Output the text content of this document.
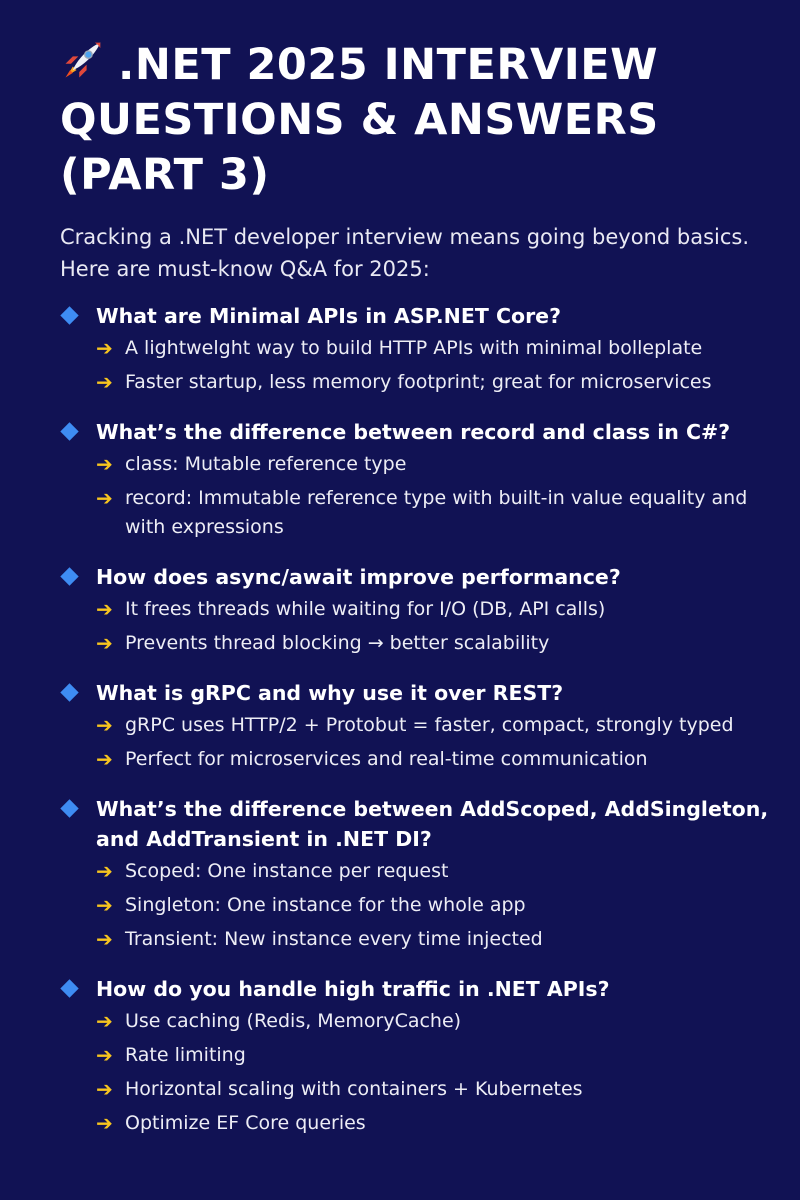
.NET 2025 INTERVIEW QUESTIONS & ANSWERS (PART 3)
Cracking a .NET developer interview means going beyond basics. Here are must-know Q&A for 2025:
What are Minimal APIs in ASP.NET Core?
➔ A lightwelght way to build HTTP APIs with minimal bolleplate
➔ Faster startup, less memory footprint; great for microservices
What’s the difference between record and class in C#?
➔ class: Mutable reference type
➔ record: Immutable reference type with built-in value equality and with expressions
How does async/await improve performance?
➔ It frees threads while waiting for I/O (DB, API calls)
➔ Prevents thread blocking → better scalability
What is gRPC and why use it over REST?
➔ gRPC uses HTTP/2 + Protobut = faster, compact, strongly typed
➔ Perfect for microservices and real-time communication
What’s the difference between AddScoped, AddSingleton, and AddTransient in .NET DI?
➔ Scoped: One instance per request
➔ Singleton: One instance for the whole app
➔ Transient: New instance every time injected
How do you handle high traffic in .NET APIs?
➔ Use caching (Redis, MemoryCache)
➔ Rate limiting
➔ Horizontal scaling with containers + Kubernetes
➔ Optimize EF Core queries
